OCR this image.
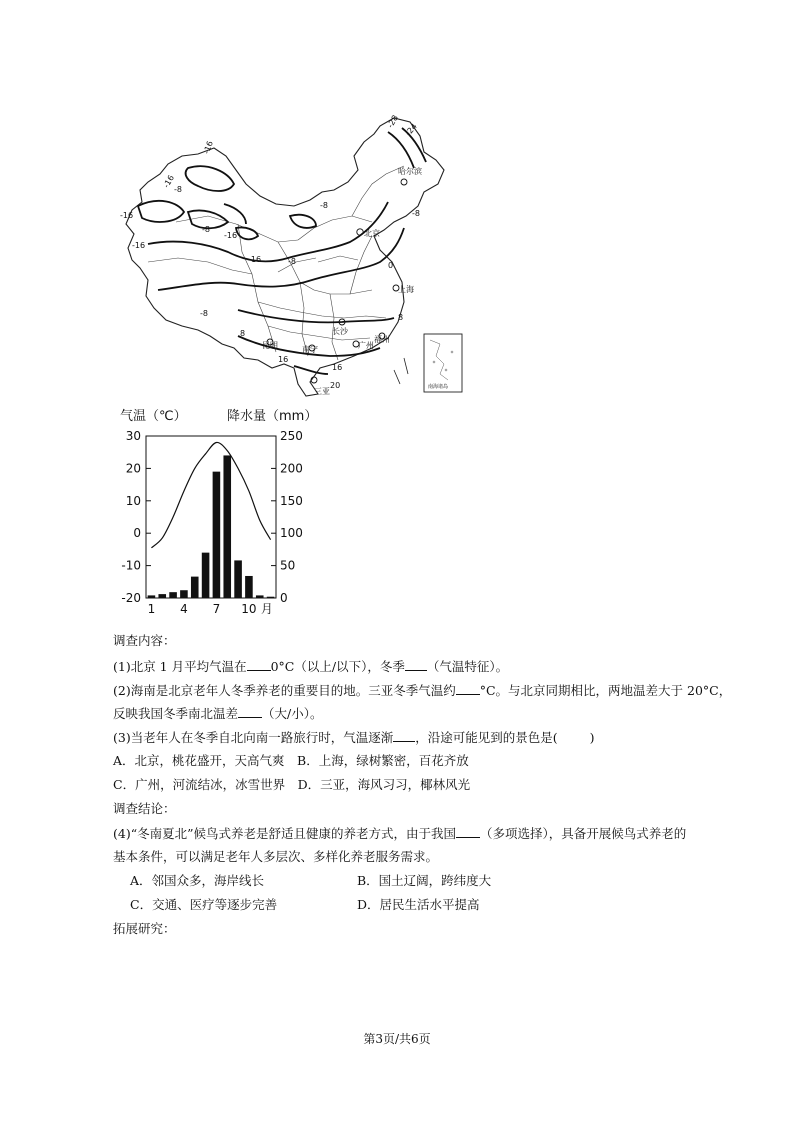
哈尔滨
北京
上海
长沙
广州
福州
南宁
昆明
三亚
-28
-24
-16
-16
-16
-16
-16
-16
-8
-8
-8
-8
-8
-8
0
8
8
16
16
20	南海诸岛
气温（℃）	降水量（mm）
30
20
10
0
-10
-20
250
200
150
100
50
0
1 4 7 10 月
调查内容：
(1)北京 1 月平均气温在 0°C（以上/以下），冬季 （气温特征）。
(2)海南是北京老年人冬季养老的重要目的地。三亚冬季气温约 °C。与北京同期相比，两地温差大于 20°C，
反映我国冬季南北温差 （大/小）。
(3)当老年人在冬季自北向南一路旅行时，气温逐渐 ，沿途可能见到的景色是(	)
A．北京，桃花盛开，天高气爽　B．上海，绿树繁密，百花齐放
C．广州，河流结冰，冰雪世界　D．三亚，海风习习，椰林风光
调查结论：
(4)“冬南夏北”候鸟式养老是舒适且健康的养老方式，由于我国 （多项选择），具备开展候鸟式养老的
基本条件，可以满足老年人多层次、多样化养老服务需求。
A．邻国众多，海岸线长	B．国土辽阔，跨纬度大
C．交通、医疗等逐步完善	D．居民生活水平提高
拓展研究：
第3页/共6页
